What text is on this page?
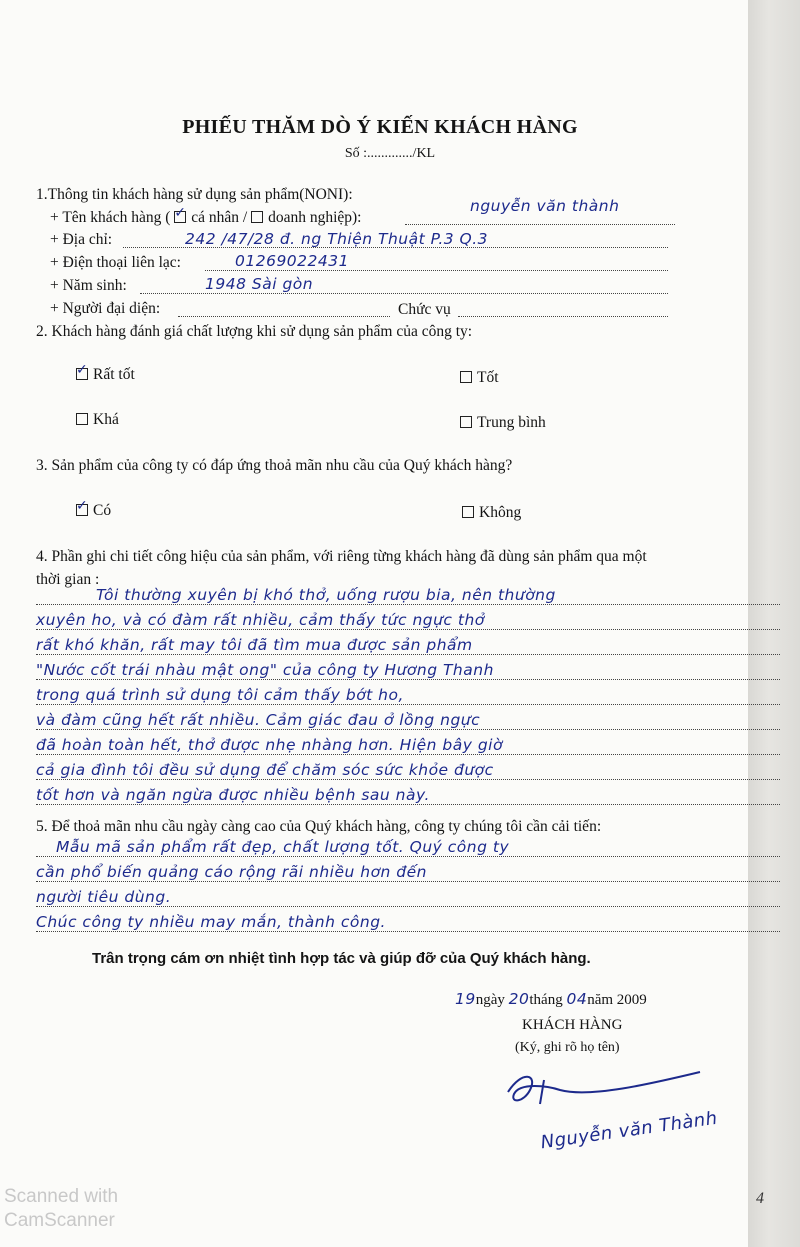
PHIẾU THĂM DÒ Ý KIẾN KHÁCH HÀNG
Số :............./KL
1.Thông tin khách hàng sử dụng sản phẩm(NONI):
+ Tên khách hàng ( ✓ cá nhân / doanh nghiệp):
nguyễn văn thành
+ Địa chỉ:	242 /47/28 đ. ng Thiện Thuật P.3 Q.3
+ Điện thoại liên lạc:	01269022431
+ Năm sinh:	1948 Sài gòn
+ Người đại diện:	Chức vụ
2. Khách hàng đánh giá chất lượng khi sử dụng sản phẩm của công ty:
✓Rất tốt	Tốt
Khá	Trung bình
3. Sản phẩm của công ty có đáp ứng thoả mãn nhu cầu của Quý khách hàng?
✓Có	Không
4. Phần ghi chi tiết công hiệu của sản phẩm, với riêng từng khách hàng đã dùng sản phẩm qua một
thời gian :
Tôi thường xuyên bị khó thở, uống rượu bia, nên thường
xuyên ho, và có đàm rất nhiều, cảm thấy tức ngực thở
rất khó khăn, rất may tôi đã tìm mua được sản phẩm
"Nước cốt trái nhàu mật ong" của công ty Hương Thanh
trong quá trình sử dụng tôi cảm thấy bớt ho,
và đàm cũng hết rất nhiều. Cảm giác đau ở lồng ngực
đã hoàn toàn hết, thở được nhẹ nhàng hơn. Hiện bây giờ
cả gia đình tôi đều sử dụng để chăm sóc sức khỏe được
tốt hơn và ngăn ngừa được nhiều bệnh sau này.
5. Để thoả mãn nhu cầu ngày càng cao của Quý khách hàng, công ty chúng tôi cần cải tiến:
Mẫu mã sản phẩm rất đẹp, chất lượng tốt. Quý công ty
cần phổ biến quảng cáo rộng rãi nhiều hơn đến
người tiêu dùng.
Chúc công ty nhiều may mắn, thành công.
Trân trọng cám ơn nhiệt tình hợp tác và giúp đỡ của Quý khách hàng.
19ngày 20tháng 04năm 2009
KHÁCH HÀNG
(Ký, ghi rõ họ tên)
Nguyễn văn Thành
4
Scanned with
CamScanner
